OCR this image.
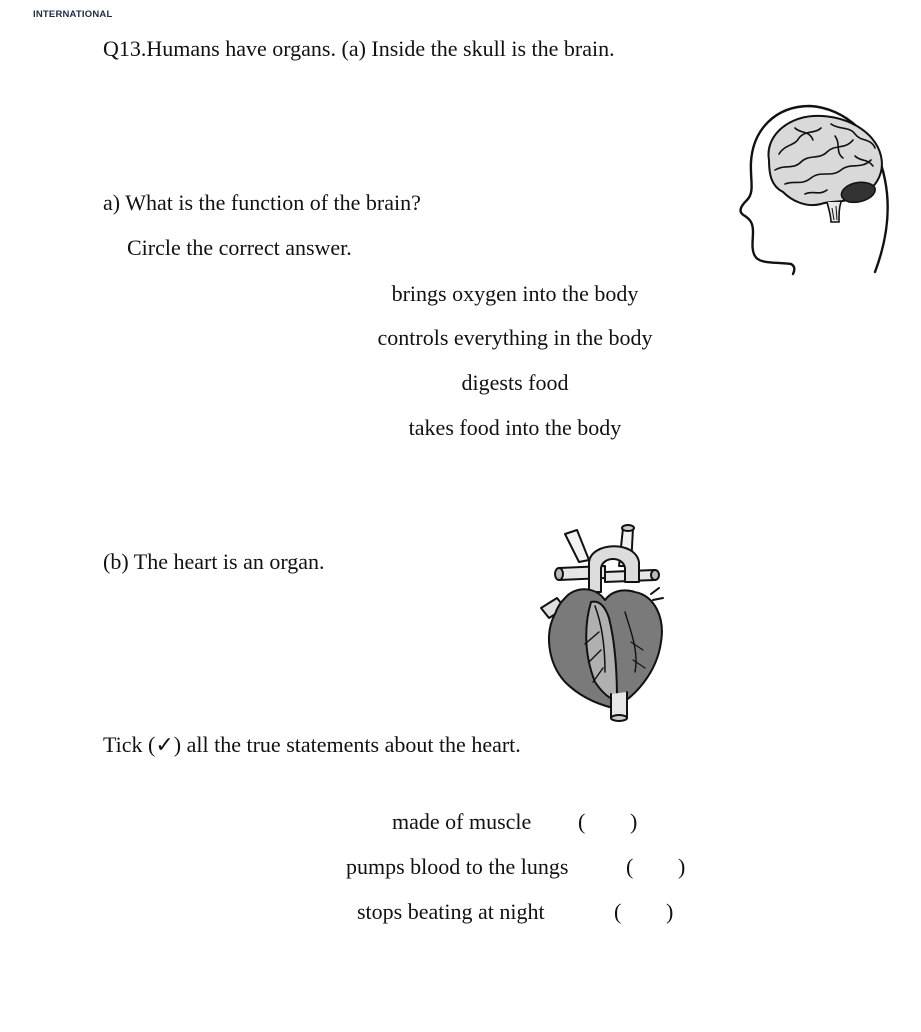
INTERNATIONAL
Q13.Humans have organs. (a) Inside the skull is the brain.
a) What is the function of the brain?
Circle the correct answer.
brings oxygen into the body
controls everything in the body
digests food
takes food into the body
(b) The heart is an organ.
Tick (✓) all the true statements about the heart.
made of muscle ( )
pumps blood to the lungs	( )
stops beating at night	( )
